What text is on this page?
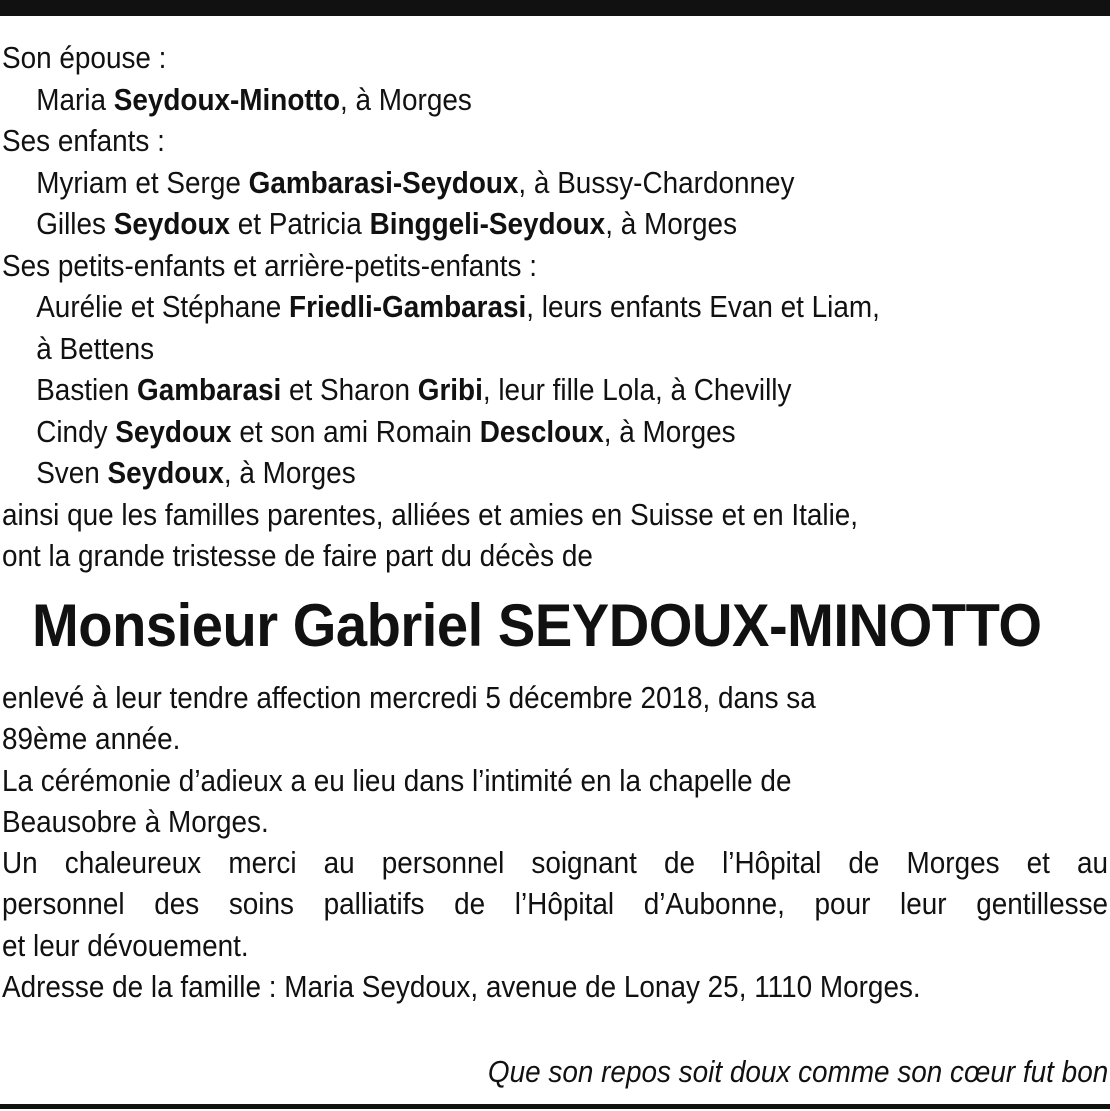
Son épouse :
Maria Seydoux-Minotto, à Morges
Ses enfants :
Myriam et Serge Gambarasi-Seydoux, à Bussy-Chardonney
Gilles Seydoux et Patricia Binggeli-Seydoux, à Morges
Ses petits-enfants et arrière-petits-enfants :
Aurélie et Stéphane Friedli-Gambarasi, leurs enfants Evan et Liam,
à Bettens
Bastien Gambarasi et Sharon Gribi, leur fille Lola, à Chevilly
Cindy Seydoux et son ami Romain Descloux, à Morges
Sven Seydoux, à Morges
ainsi que les familles parentes, alliées et amies en Suisse et en Italie,
ont la grande tristesse de faire part du décès de
Monsieur Gabriel SEYDOUX-MINOTTO
enlevé à leur tendre affection mercredi 5 décembre 2018, dans sa
89ème année.
La cérémonie d’adieux a eu lieu dans l’intimité en la chapelle de
Beausobre à Morges.
Un chaleureux merci au personnel soignant de l’Hôpital de Morges et au
personnel des soins palliatifs de l’Hôpital d’Aubonne, pour leur gentillesse
et leur dévouement.
Adresse de la famille : Maria Seydoux, avenue de Lonay 25, 1110 Morges.
Que son repos soit doux comme son cœur fut bon
